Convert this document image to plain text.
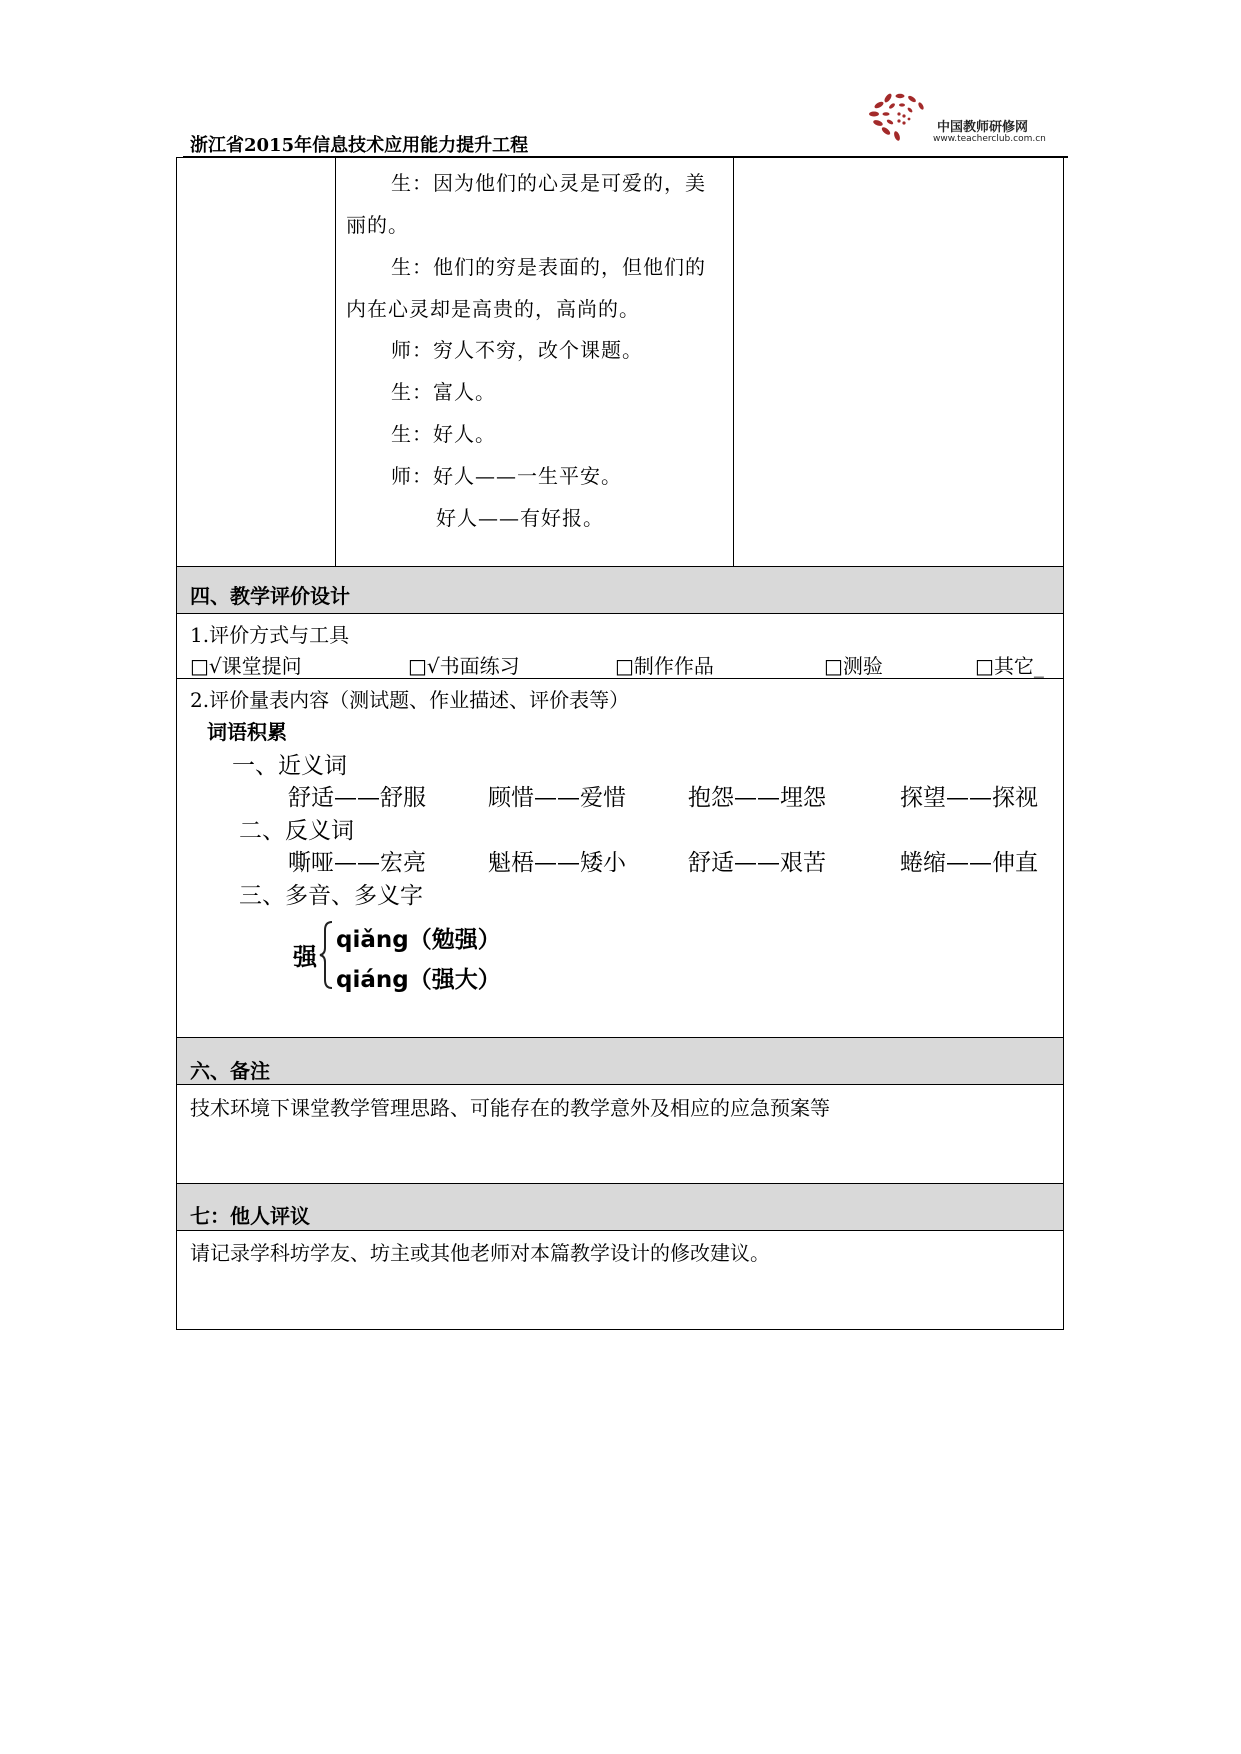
浙江省2015年信息技术应用能力提升工程
中国教师研修网
www.teacherclub.com.cn
生：因为他们的心灵是可爱的，美
丽的。
生：他们的穷是表面的，但他们的
内在心灵却是高贵的，高尚的。
师：穷人不穷，改个课题。
生：富人。
生：好人。
师：好人——一生平安。
好人——有好报。
四、教学评价设计
1.评价方式与工具
□√课堂提问	□√书面练习	□制作作品	□测验	□其它_
2.评价量表内容（测试题、作业描述、评价表等）
词语积累
一、近义词
舒适——舒服	顾惜——爱惜	抱怨——埋怨	探望——探视
二、反义词
嘶哑——宏亮	魁梧——矮小	舒适——艰苦	蜷缩——伸直
三、多音、多义字
强
qiǎng（勉强）
qiáng（强大）
六、备注
技术环境下课堂教学管理思路、可能存在的教学意外及相应的应急预案等
七：他人评议
请记录学科坊学友、坊主或其他老师对本篇教学设计的修改建议。
